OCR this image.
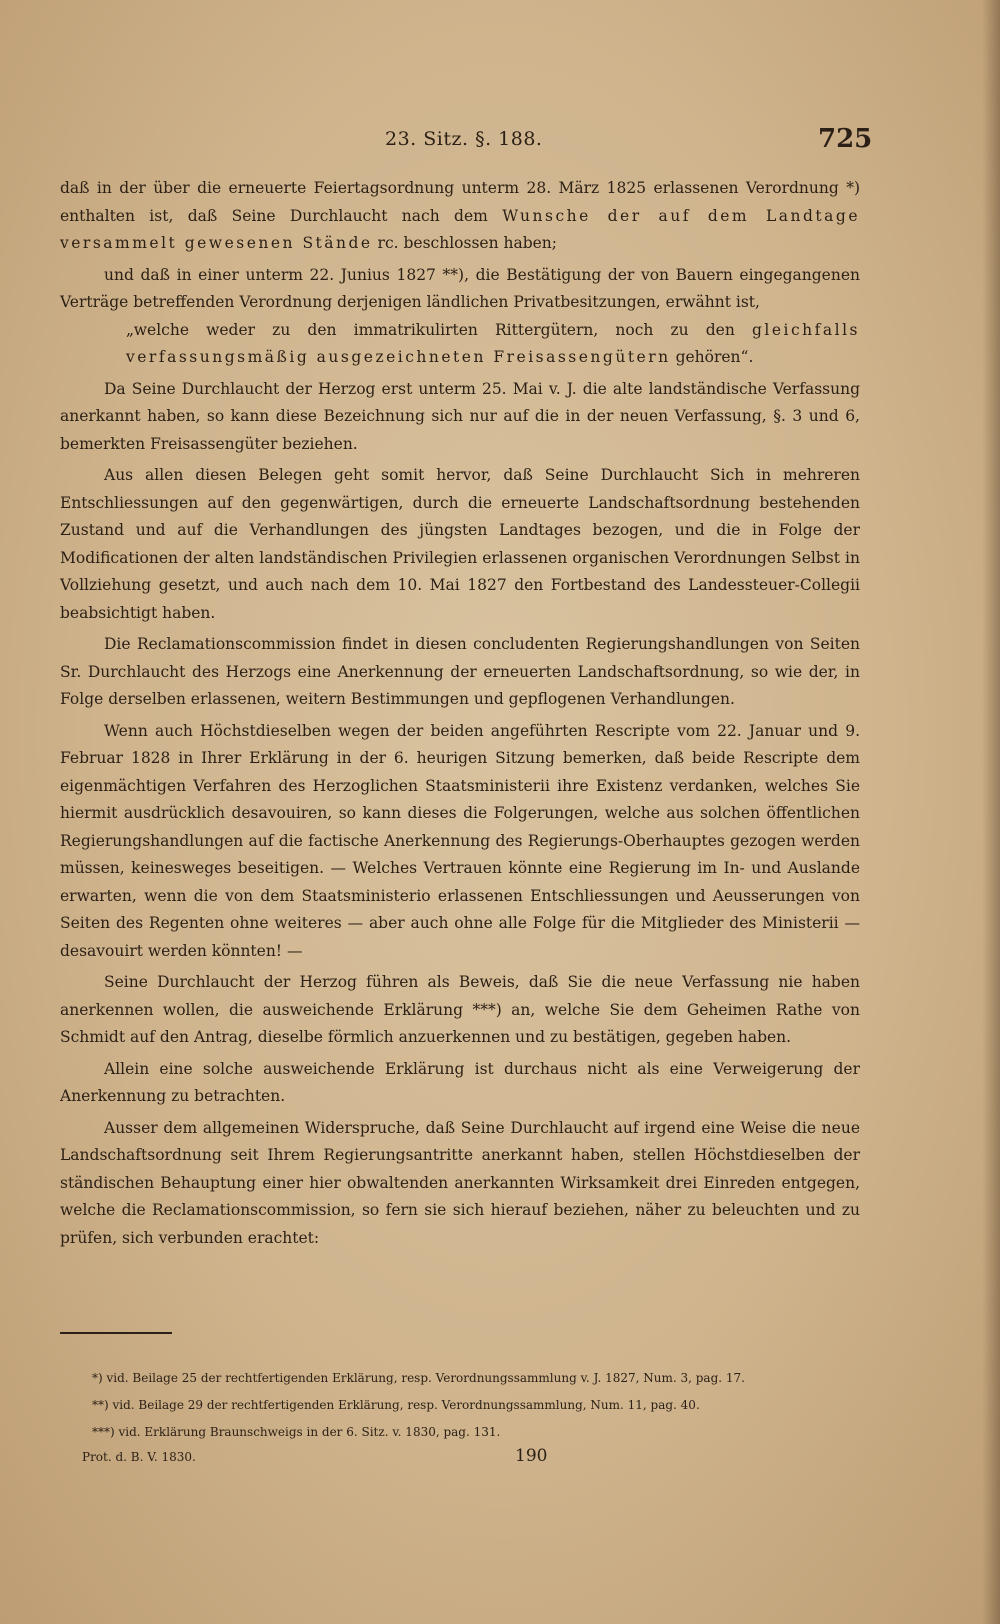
23. Sitz. §. 188.	725

daß in der über die erneuerte Feiertagsordnung unterm 28. März 1825 erlassenen Verordnung *) enthalten ist, daß Seine Durchlaucht nach dem Wunsche der auf dem Landtage versammelt gewesenen Stände rc. beschlossen haben;

und daß in einer unterm 22. Junius 1827 **), die Bestätigung der von Bauern eingegangenen Verträge betreffenden Verordnung derjenigen ländlichen Privatbesitzungen, erwähnt ist,
„welche weder zu den immatrikulirten Rittergütern, noch zu den gleichfalls verfassungsmäßig ausgezeichneten Freisassengütern gehören“.

Da Seine Durchlaucht der Herzog erst unterm 25. Mai v. J. die alte landständische Verfassung anerkannt haben, so kann diese Bezeichnung sich nur auf die in der neuen Verfassung, §. 3 und 6, bemerkten Freisassengüter beziehen.

Aus allen diesen Belegen geht somit hervor, daß Seine Durchlaucht Sich in mehreren Entschliessungen auf den gegenwärtigen, durch die erneuerte Landschaftsordnung bestehenden Zustand und auf die Verhandlungen des jüngsten Landtages bezogen, und die in Folge der Modificationen der alten landständischen Privilegien erlassenen organischen Verordnungen Selbst in Vollziehung gesetzt, und auch nach dem 10. Mai 1827 den Fortbestand des Landessteuer-Collegii beabsichtigt haben.

Die Reclamationscommission findet in diesen concludenten Regierungshandlungen von Seiten Sr. Durchlaucht des Herzogs eine Anerkennung der erneuerten Landschaftsordnung, so wie der, in Folge derselben erlassenen, weitern Bestimmungen und gepflogenen Verhandlungen.

Wenn auch Höchstdieselben wegen der beiden angeführten Rescripte vom 22. Januar und 9. Februar 1828 in Ihrer Erklärung in der 6. heurigen Sitzung bemerken, daß beide Rescripte dem eigenmächtigen Verfahren des Herzoglichen Staatsministerii ihre Existenz verdanken, welches Sie hiermit ausdrücklich desavouiren, so kann dieses die Folgerungen, welche aus solchen öffentlichen Regierungshandlungen auf die factische Anerkennung des Regierungs-Oberhauptes gezogen werden müssen, keinesweges beseitigen. — Welches Vertrauen könnte eine Regierung im In- und Auslande erwarten, wenn die von dem Staatsministerio erlassenen Entschliessungen und Aeusserungen von Seiten des Regenten ohne weiteres — aber auch ohne alle Folge für die Mitglieder des Ministerii — desavouirt werden könnten! —

Seine Durchlaucht der Herzog führen als Beweis, daß Sie die neue Verfassung nie haben anerkennen wollen, die ausweichende Erklärung ***) an, welche Sie dem Geheimen Rathe von Schmidt auf den Antrag, dieselbe förmlich anzuerkennen und zu bestätigen, gegeben haben.

Allein eine solche ausweichende Erklärung ist durchaus nicht als eine Verweigerung der Anerkennung zu betrachten.

Ausser dem allgemeinen Widerspruche, daß Seine Durchlaucht auf irgend eine Weise die neue Landschaftsordnung seit Ihrem Regierungsantritte anerkannt haben, stellen Höchstdieselben der ständischen Behauptung einer hier obwaltenden anerkannten Wirksamkeit drei Einreden entgegen, welche die Reclamationscommission, so fern sie sich hierauf beziehen, näher zu beleuchten und zu prüfen, sich verbunden erachtet:

*) vid. Beilage 25 der rechtfertigenden Erklärung, resp. Verordnungssammlung v. J. 1827, Num. 3, pag. 17.
**) vid. Beilage 29 der rechtfertigenden Erklärung, resp. Verordnungssammlung, Num. 11, pag. 40.
***) vid. Erklärung Braunschweigs in der 6. Sitz. v. 1830, pag. 131.
Prot. d. B. V. 1830.	190
